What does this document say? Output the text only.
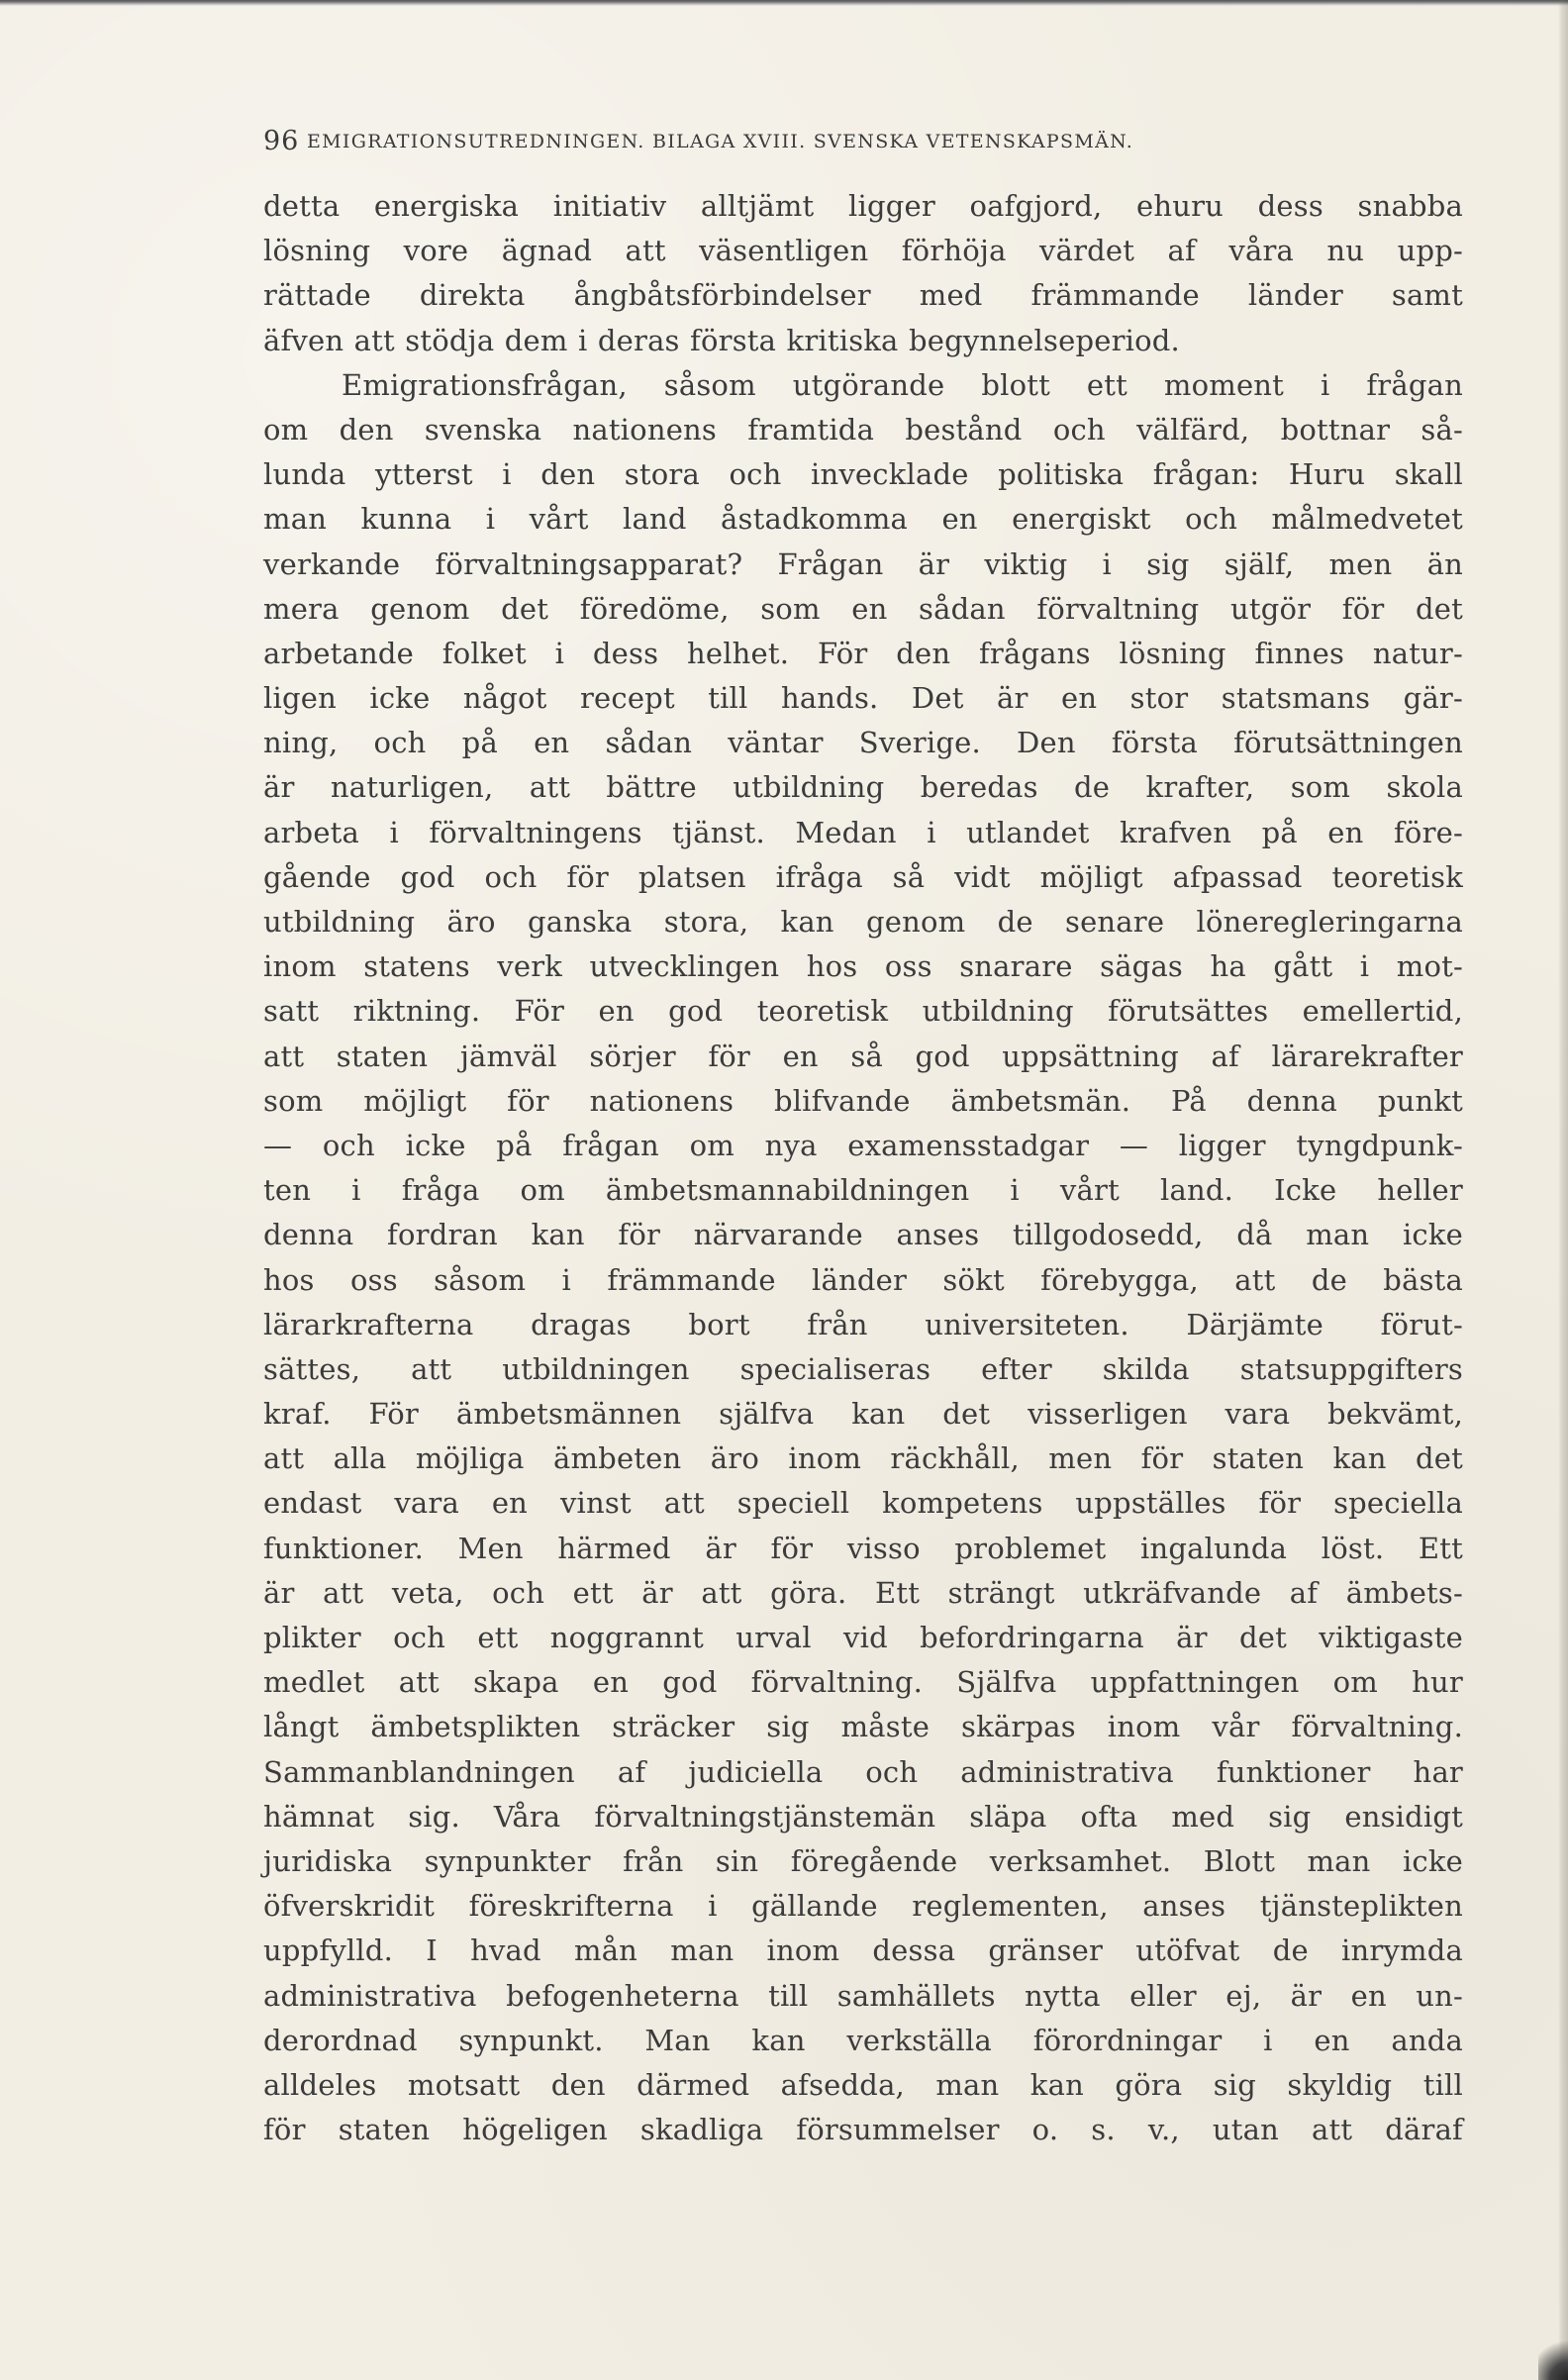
96 EMIGRATIONSUTREDNINGEN. BILAGA XVIII. SVENSKA VETENSKAPSMÄN.
detta energiska initiativ alltjämt ligger oafgjord, ehuru dess snabba
lösning vore ägnad att väsentligen förhöja värdet af våra nu upp-
rättade direkta ångbåtsförbindelser med främmande länder samt
äfven att stödja dem i deras första kritiska begynnelseperiod.
Emigrationsfrågan, såsom utgörande blott ett moment i frågan
om den svenska nationens framtida bestånd och välfärd, bottnar så-
lunda ytterst i den stora och invecklade politiska frågan: Huru skall
man kunna i vårt land åstadkomma en energiskt och målmedvetet
verkande förvaltningsapparat? Frågan är viktig i sig själf, men än
mera genom det föredöme, som en sådan förvaltning utgör för det
arbetande folket i dess helhet. För den frågans lösning finnes natur-
ligen icke något recept till hands. Det är en stor statsmans gär-
ning, och på en sådan väntar Sverige. Den första förutsättningen
är naturligen, att bättre utbildning beredas de krafter, som skola
arbeta i förvaltningens tjänst. Medan i utlandet krafven på en före-
gående god och för platsen ifråga så vidt möjligt afpassad teoretisk
utbildning äro ganska stora, kan genom de senare löneregleringarna
inom statens verk utvecklingen hos oss snarare sägas ha gått i mot-
satt riktning. För en god teoretisk utbildning förutsättes emellertid,
att staten jämväl sörjer för en så god uppsättning af lärarekrafter
som möjligt för nationens blifvande ämbetsmän. På denna punkt
— och icke på frågan om nya examensstadgar — ligger tyngdpunk-
ten i fråga om ämbetsmannabildningen i vårt land. Icke heller
denna fordran kan för närvarande anses tillgodosedd, då man icke
hos oss såsom i främmande länder sökt förebygga, att de bästa
lärarkrafterna dragas bort från universiteten. Därjämte förut-
sättes, att utbildningen specialiseras efter skilda statsuppgifters
kraf. För ämbetsmännen själfva kan det visserligen vara bekvämt,
att alla möjliga ämbeten äro inom räckhåll, men för staten kan det
endast vara en vinst att speciell kompetens uppställes för speciella
funktioner. Men härmed är för visso problemet ingalunda löst. Ett
är att veta, och ett är att göra. Ett strängt utkräfvande af ämbets-
plikter och ett noggrannt urval vid befordringarna är det viktigaste
medlet att skapa en god förvaltning. Själfva uppfattningen om hur
långt ämbetsplikten sträcker sig måste skärpas inom vår förvaltning.
Sammanblandningen af judiciella och administrativa funktioner har
hämnat sig. Våra förvaltningstjänstemän släpa ofta med sig ensidigt
juridiska synpunkter från sin föregående verksamhet. Blott man icke
öfverskridit föreskrifterna i gällande reglementen, anses tjänsteplikten
uppfylld. I hvad mån man inom dessa gränser utöfvat de inrymda
administrativa befogenheterna till samhällets nytta eller ej, är en un-
derordnad synpunkt. Man kan verkställa förordningar i en anda
alldeles motsatt den därmed afsedda, man kan göra sig skyldig till
för staten högeligen skadliga försummelser o. s. v., utan att däraf
